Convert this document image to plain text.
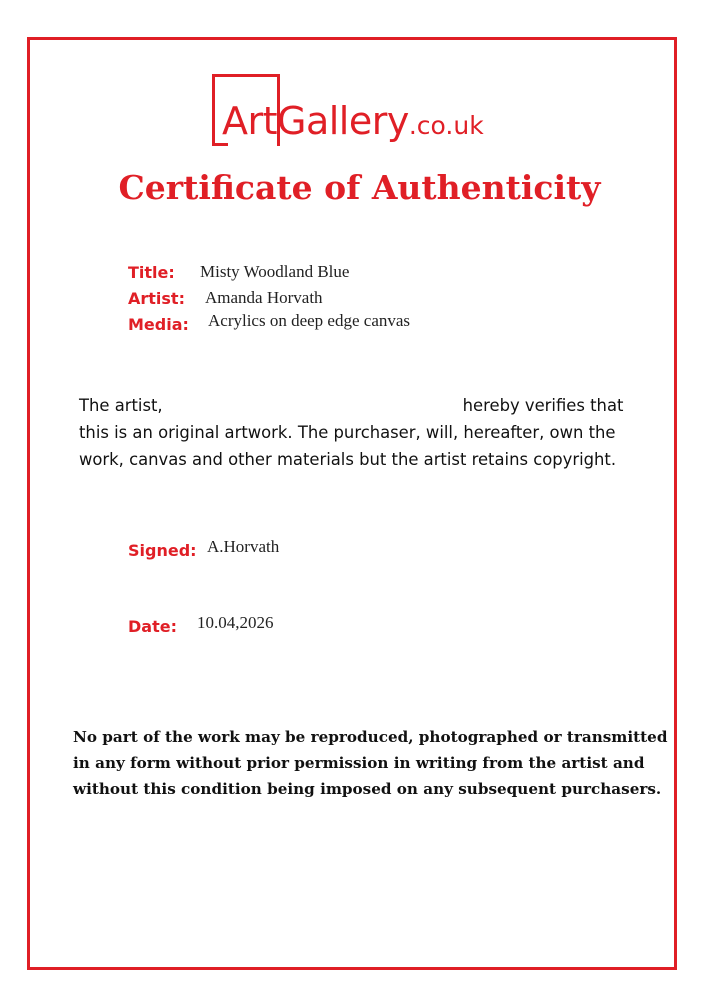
ArtGallery.co.uk
Certificate of Authenticity
Title: Misty Woodland Blue
Artist: Amanda Horvath
Media: Acrylics on deep edge canvas
The artist,	hereby verifies that
this is an original artwork. The purchaser, will, hereafter, own the
work, canvas and other materials but the artist retains copyright.
Signed: A.Horvath
Date: 10.04,2026
No part of the work may be reproduced, photographed or transmitted
in any form without prior permission in writing from the artist and
without this condition being imposed on any subsequent purchasers.
